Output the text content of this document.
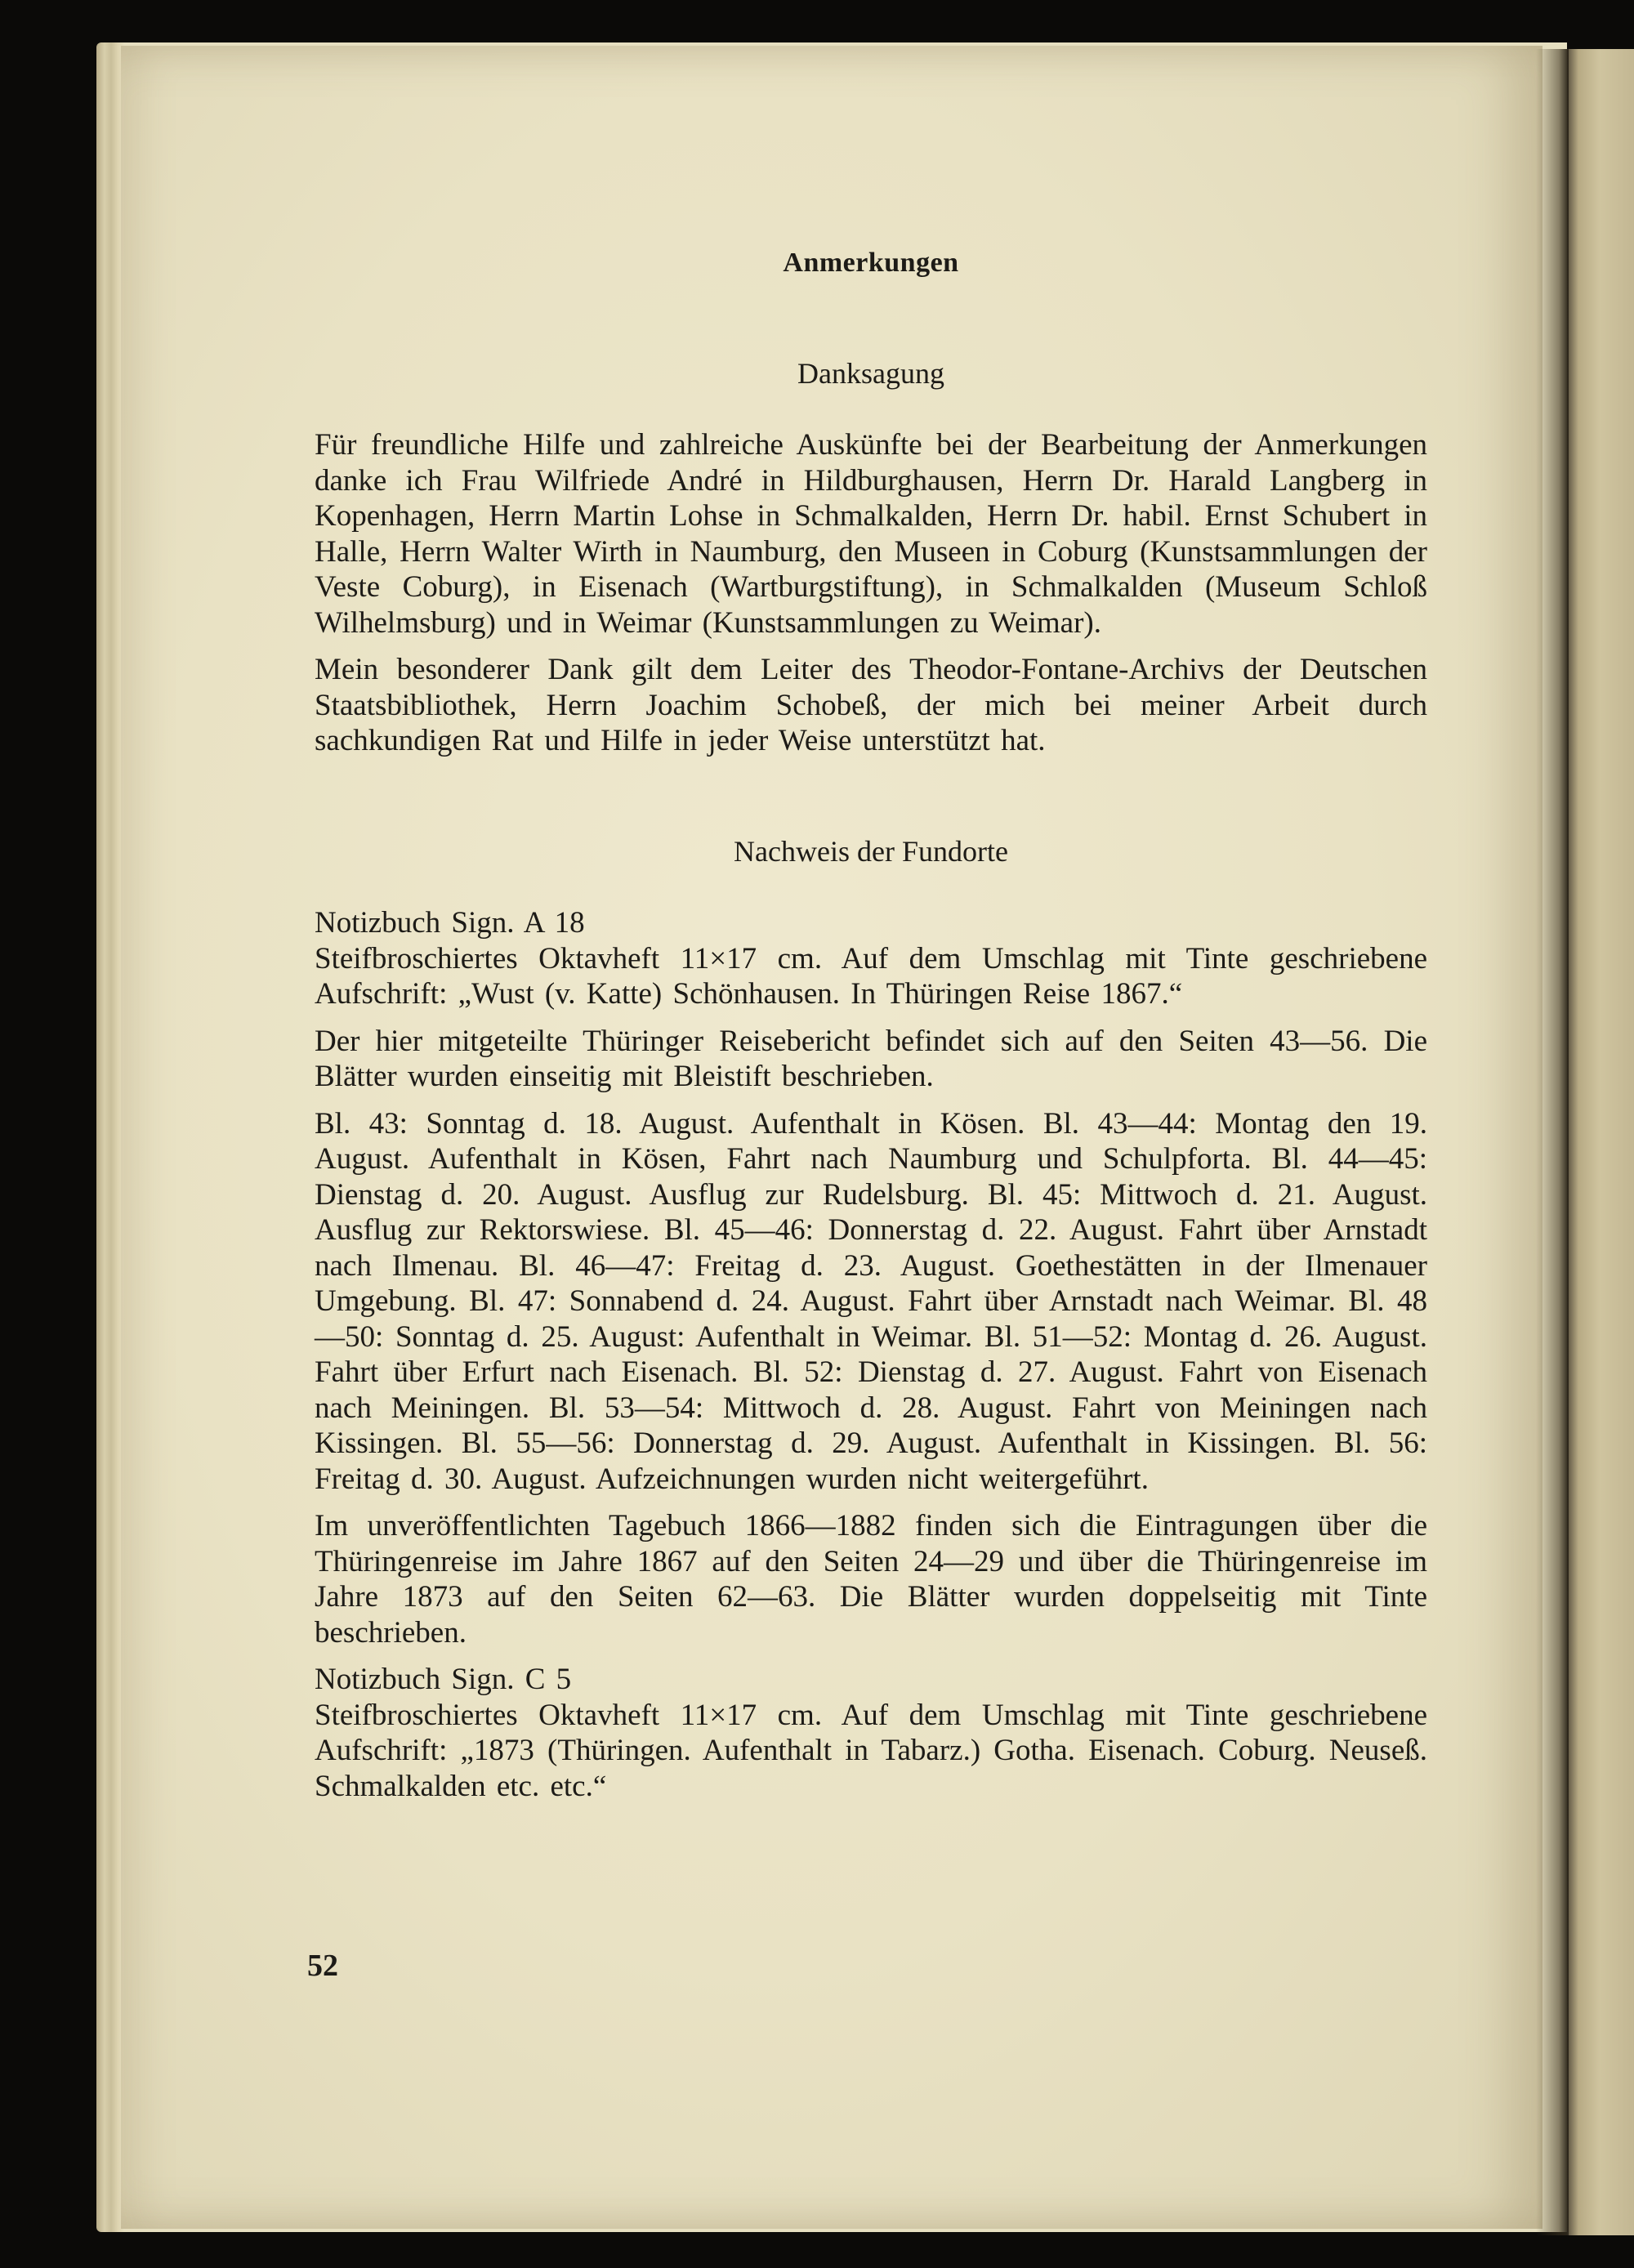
Anmerkungen
Danksagung

Für freundliche Hilfe und zahlreiche Auskünfte bei der Bearbeitung der Anmerkungen danke ich Frau Wilfriede André in Hildburghausen, Herrn Dr. Harald Langberg in Kopenhagen, Herrn Martin Lohse in Schmalkalden, Herrn Dr. habil. Ernst Schubert in Halle, Herrn Walter Wirth in Naumburg, den Museen in Coburg (Kunstsammlungen der Veste Coburg), in Eisenach (Wartburgstiftung), in Schmalkalden (Museum Schloß Wilhelmsburg) und in Weimar (Kunstsammlungen zu Weimar).

Mein besonderer Dank gilt dem Leiter des Theodor-Fontane-Archivs der Deutschen Staatsbibliothek, Herrn Joachim Schobeß, der mich bei meiner Arbeit durch sachkundigen Rat und Hilfe in jeder Weise unterstützt hat.

Nachweis der Fundorte

Notizbuch Sign. A 18

Steifbroschiertes Oktavheft 11×17 cm. Auf dem Umschlag mit Tinte geschriebene Aufschrift: „Wust (v. Katte) Schönhausen. In Thüringen Reise 1867.“

Der hier mitgeteilte Thüringer Reisebericht befindet sich auf den Seiten 43—56. Die Blätter wurden einseitig mit Bleistift beschrieben.

Bl. 43: Sonntag d. 18. August. Aufenthalt in Kösen. Bl. 43—44: Montag den 19. August. Aufenthalt in Kösen, Fahrt nach Naumburg und Schulpforta. Bl. 44—45: Dienstag d. 20. August. Ausflug zur Rudelsburg. Bl. 45: Mittwoch d. 21. August. Ausflug zur Rektorswiese. Bl. 45—46: Donnerstag d. 22. August. Fahrt über Arnstadt nach Ilmenau. Bl. 46—47: Freitag d. 23. August. Goethestätten in der Ilmenauer Umgebung. Bl. 47: Sonnabend d. 24. August. Fahrt über Arnstadt nach Weimar. Bl. 48—50: Sonntag d. 25. August: Aufenthalt in Weimar. Bl. 51—52: Montag d. 26. August. Fahrt über Erfurt nach Eisenach. Bl. 52: Dienstag d. 27. August. Fahrt von Eisenach nach Meiningen. Bl. 53—54: Mittwoch d. 28. August. Fahrt von Meiningen nach Kissingen. Bl. 55—56: Donnerstag d. 29. August. Aufenthalt in Kissingen. Bl. 56: Freitag d. 30. August. Aufzeichnungen wurden nicht weitergeführt.

Im unveröffentlichten Tagebuch 1866—1882 finden sich die Eintragungen über die Thüringenreise im Jahre 1867 auf den Seiten 24—29 und über die Thüringenreise im Jahre 1873 auf den Seiten 62—63. Die Blätter wurden doppelseitig mit Tinte beschrieben.

Notizbuch Sign. C 5

Steifbroschiertes Oktavheft 11×17 cm. Auf dem Umschlag mit Tinte geschriebene Aufschrift: „1873 (Thüringen. Aufenthalt in Tabarz.) Gotha. Eisenach. Coburg. Neuseß. Schmalkalden etc. etc.“

52
